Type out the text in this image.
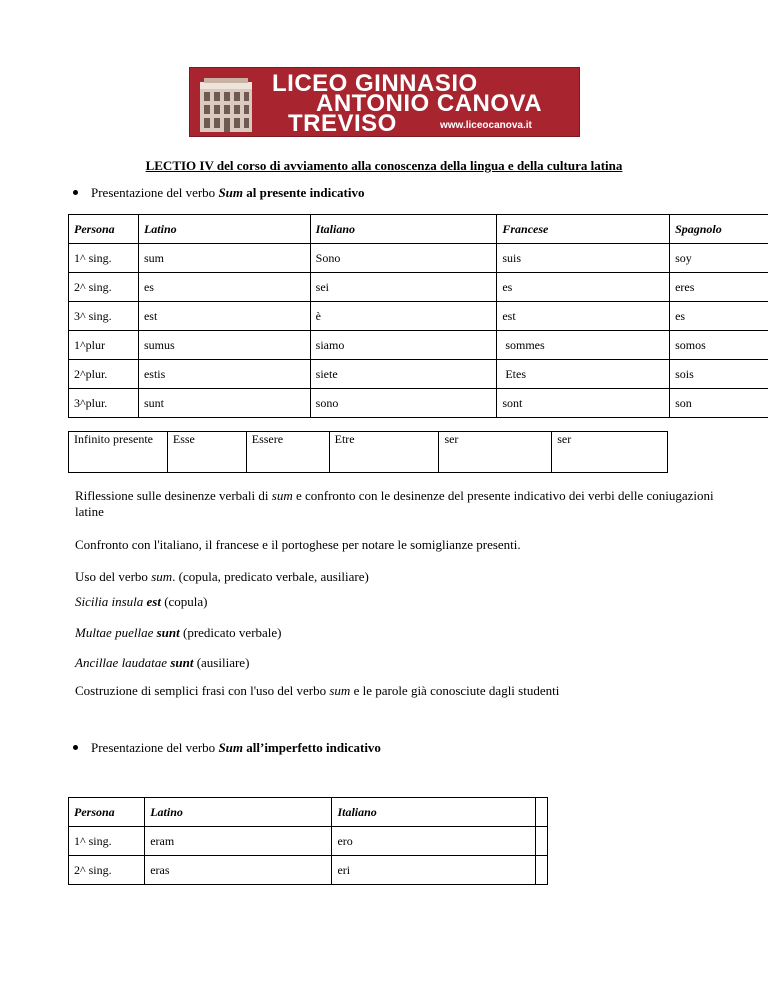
LICEO GINNASIO
ANTONIO CANOVA
TREVISO	www.liceocanova.it
LECTIO IV del corso di avviamento alla conoscenza della lingua e della cultura latina
Presentazione del verbo Sum al presente indicativo
Persona	Latino	Italiano	Francese	Spagnolo
1^ sing.	sum	Sono	suis	soy
2^ sing.	es	sei	es	eres
3^ sing.	est	è	est	es
1^plur	sumus	siamo	sommes	somos
2^plur.	estis	siete	Etes	sois
3^plur.	sunt	sono	sont	son
Infinito presente	Esse	Essere	Etre	ser	ser
Riflessione sulle desinenze verbali di sum e confronto con le desinenze del presente indicativo dei verbi delle coniugazioni latine
Confronto con l'italiano, il francese e il portoghese per notare le somiglianze presenti.
Uso del verbo sum. (copula, predicato verbale, ausiliare)
Sicilia insula est (copula)
Multae puellae sunt (predicato verbale)
Ancillae laudatae sunt (ausiliare)
Costruzione di semplici frasi con l'uso del verbo sum e le parole già conosciute dagli studenti
Presentazione del verbo Sum all’imperfetto indicativo
Persona	Latino	Italiano	
1^ sing.	eram	ero	
2^ sing.	eras	eri	
